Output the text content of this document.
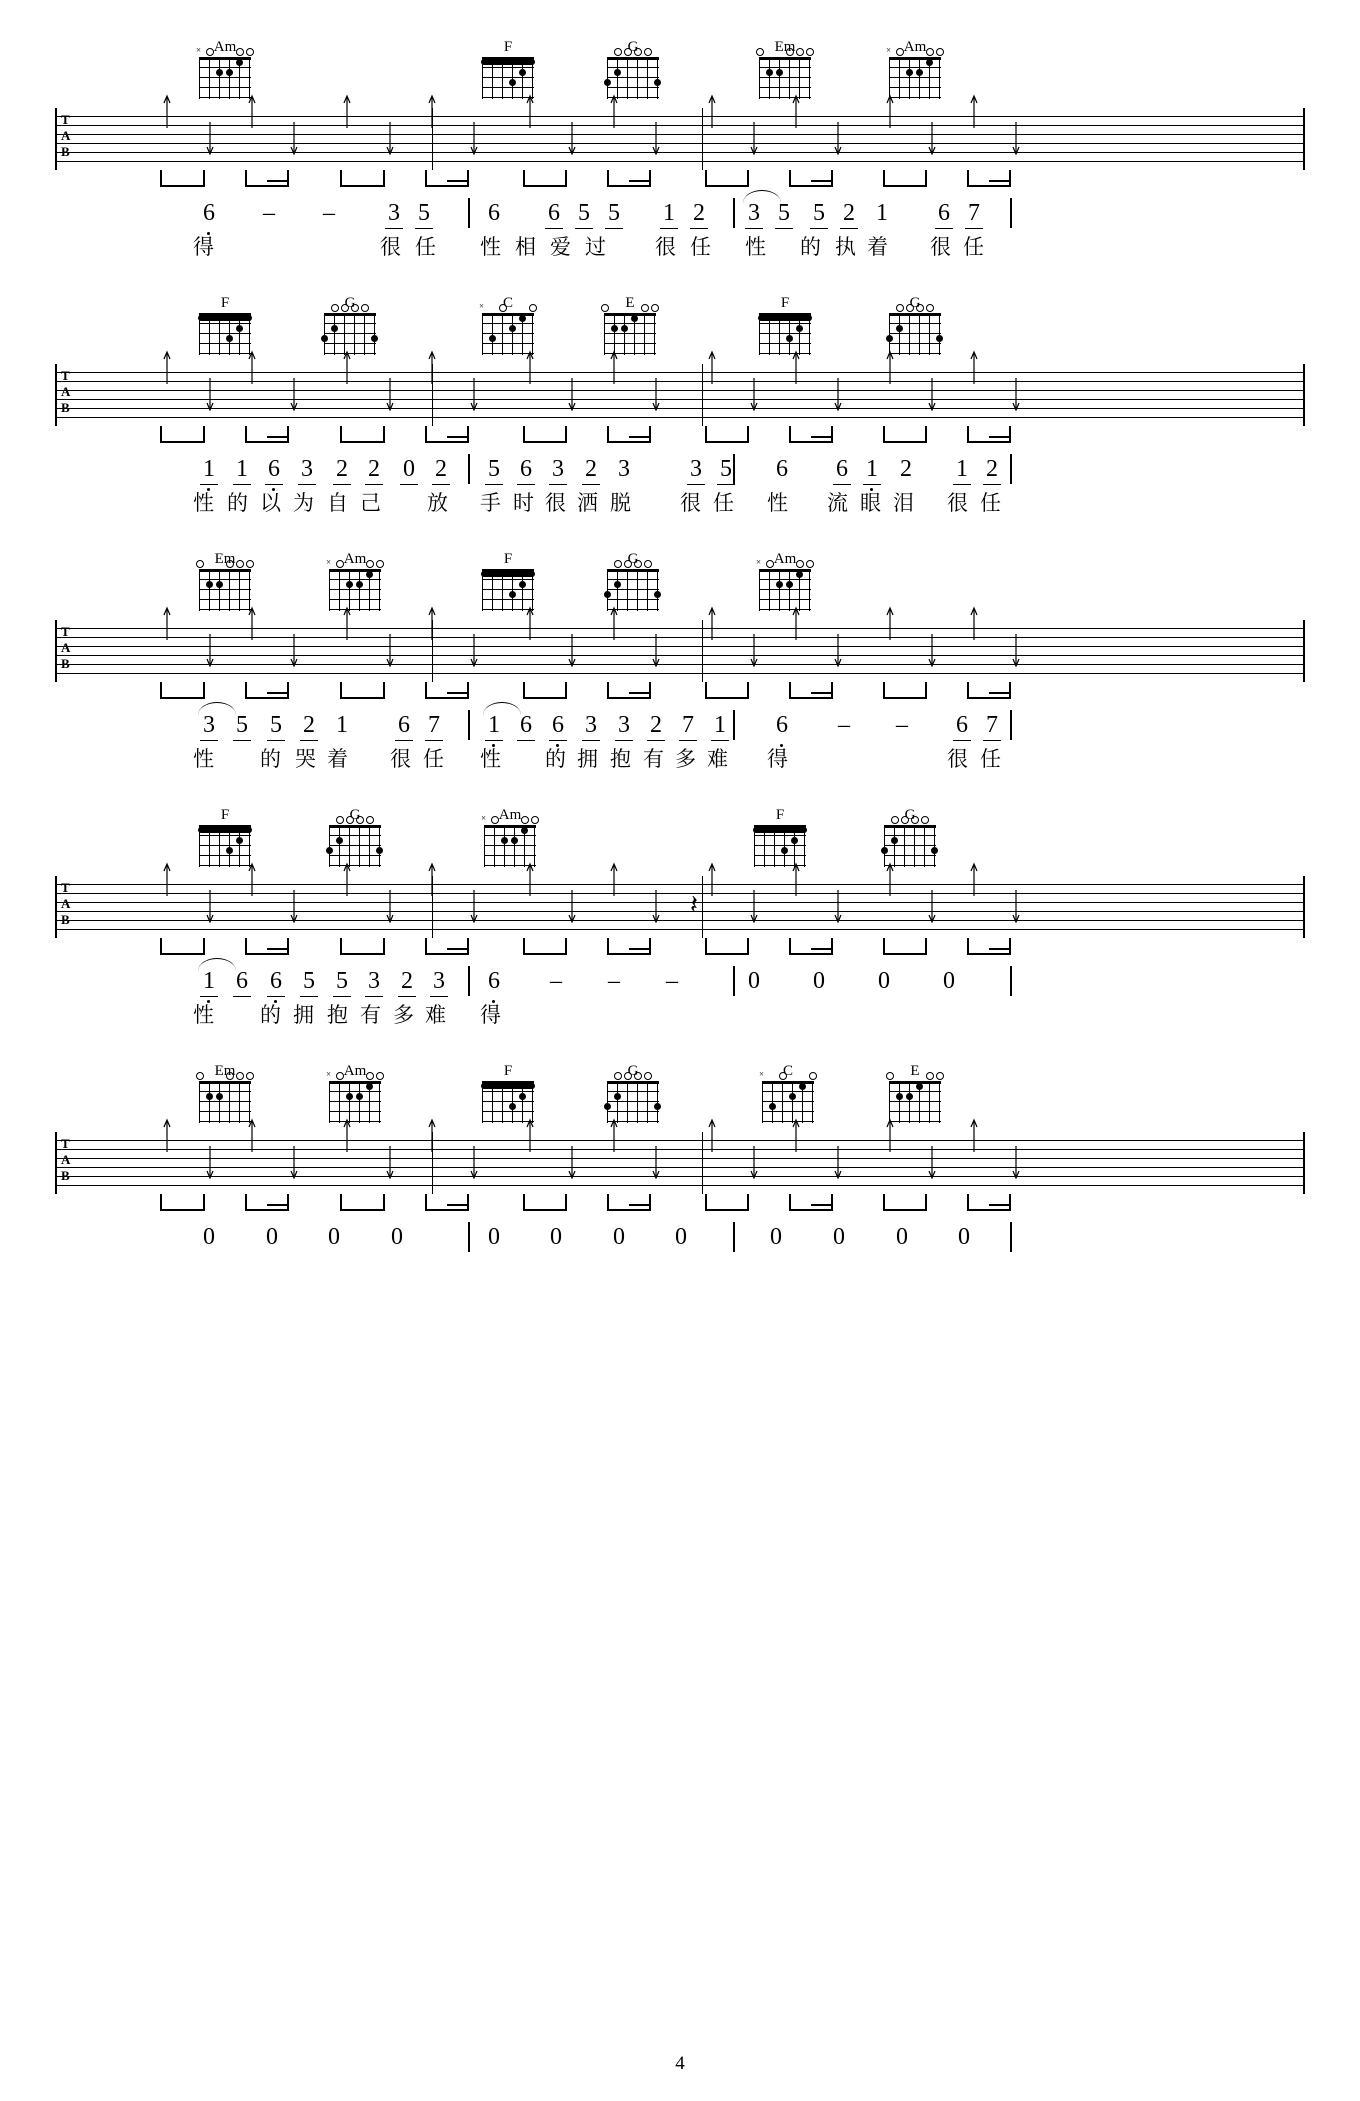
Am
×	F	G	Em	Am
×
T
A
B
6 – – 3 5 6 6 5 5 1 2 3 5 5 2 1 6 7
得	很 任 性 相 爱 过 很 任 性 的 执 着 很 任
F	G	C
×	E	F	G
T
A
B
1 1 6 3 2 2 0 2 5 6 3 2 3	3 5 6 6 1 2 1 2
性 的 以 为 自 己 放 手 时 很 洒 脱 很 任 性 流 眼 泪 很 任
Em	Am
×	F	G	Am
×
T
A
B
3 5 5 2 1 6 7 1 6 6 3 3 2 7 1 6 – – 6 7
性 的 哭 着 很 任 性 的 拥 抱 有 多 难 得	很 任
F	G	Am
×	F	G
T
A
B
1 6 6 5 5 3 2 3 6 – – –	0 0 0 0
性 的 拥 抱 有 多 难 得
𝄽
Em	Am
×	F	G	C
×	E
T
A
B
0 0 0 0	0 0 0 0	0 0 0 0
4
